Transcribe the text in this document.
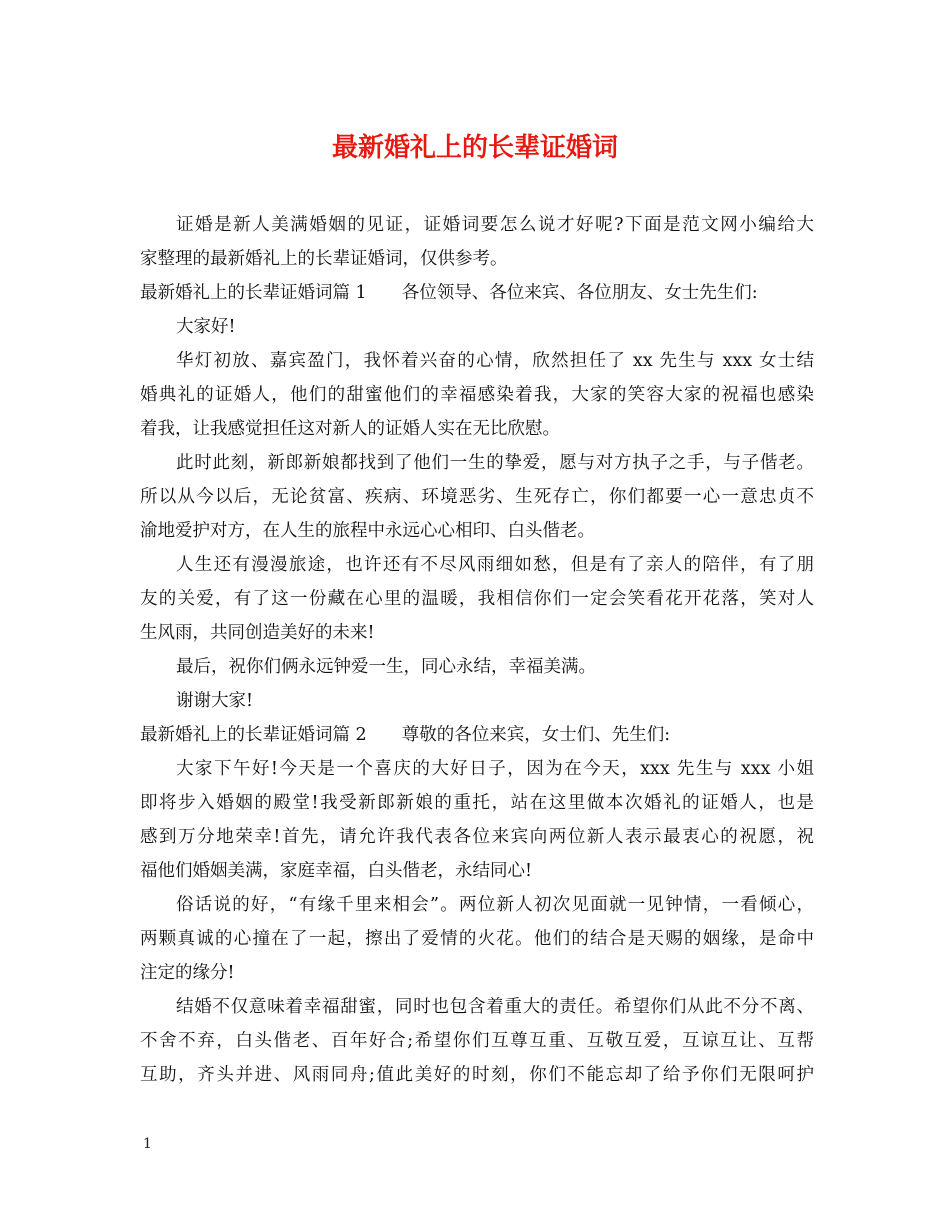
最新婚礼上的长辈证婚词
证婚是新人美满婚姻的见证，证婚词要怎么说才好呢?下面是范文网小编给大
家整理的最新婚礼上的长辈证婚词，仅供参考。
最新婚礼上的长辈证婚词篇 1　　各位领导、各位来宾、各位朋友、女士先生们:
大家好!
华灯初放、嘉宾盈门，我怀着兴奋的心情，欣然担任了 xx 先生与 xxx 女士结
婚典礼的证婚人，他们的甜蜜他们的幸福感染着我，大家的笑容大家的祝福也感染
着我，让我感觉担任这对新人的证婚人实在无比欣慰。
此时此刻，新郎新娘都找到了他们一生的挚爱，愿与对方执子之手，与子偕老。
所以从今以后，无论贫富、疾病、环境恶劣、生死存亡，你们都要一心一意忠贞不
渝地爱护对方，在人生的旅程中永远心心相印、白头偕老。
人生还有漫漫旅途，也许还有不尽风雨细如愁，但是有了亲人的陪伴，有了朋
友的关爱，有了这一份藏在心里的温暖，我相信你们一定会笑看花开花落，笑对人
生风雨，共同创造美好的未来!
最后，祝你们俩永远钟爱一生，同心永结，幸福美满。
谢谢大家!
最新婚礼上的长辈证婚词篇 2　　尊敬的各位来宾，女士们、先生们:
大家下午好!今天是一个喜庆的大好日子，因为在今天，xxx 先生与 xxx 小姐
即将步入婚姻的殿堂!我受新郎新娘的重托，站在这里做本次婚礼的证婚人，也是
感到万分地荣幸!首先，请允许我代表各位来宾向两位新人表示最衷心的祝愿，祝
福他们婚姻美满，家庭幸福，白头偕老，永结同心!
俗话说的好，“有缘千里来相会”。两位新人初次见面就一见钟情，一看倾心，
两颗真诚的心撞在了一起，擦出了爱情的火花。他们的结合是天赐的姻缘，是命中
注定的缘分!
结婚不仅意味着幸福甜蜜，同时也包含着重大的责任。希望你们从此不分不离、
不舍不弃，白头偕老、百年好合;希望你们互尊互重、互敬互爱，互谅互让、互帮
互助，齐头并进、风雨同舟;值此美好的时刻，你们不能忘却了给予你们无限呵护
1
